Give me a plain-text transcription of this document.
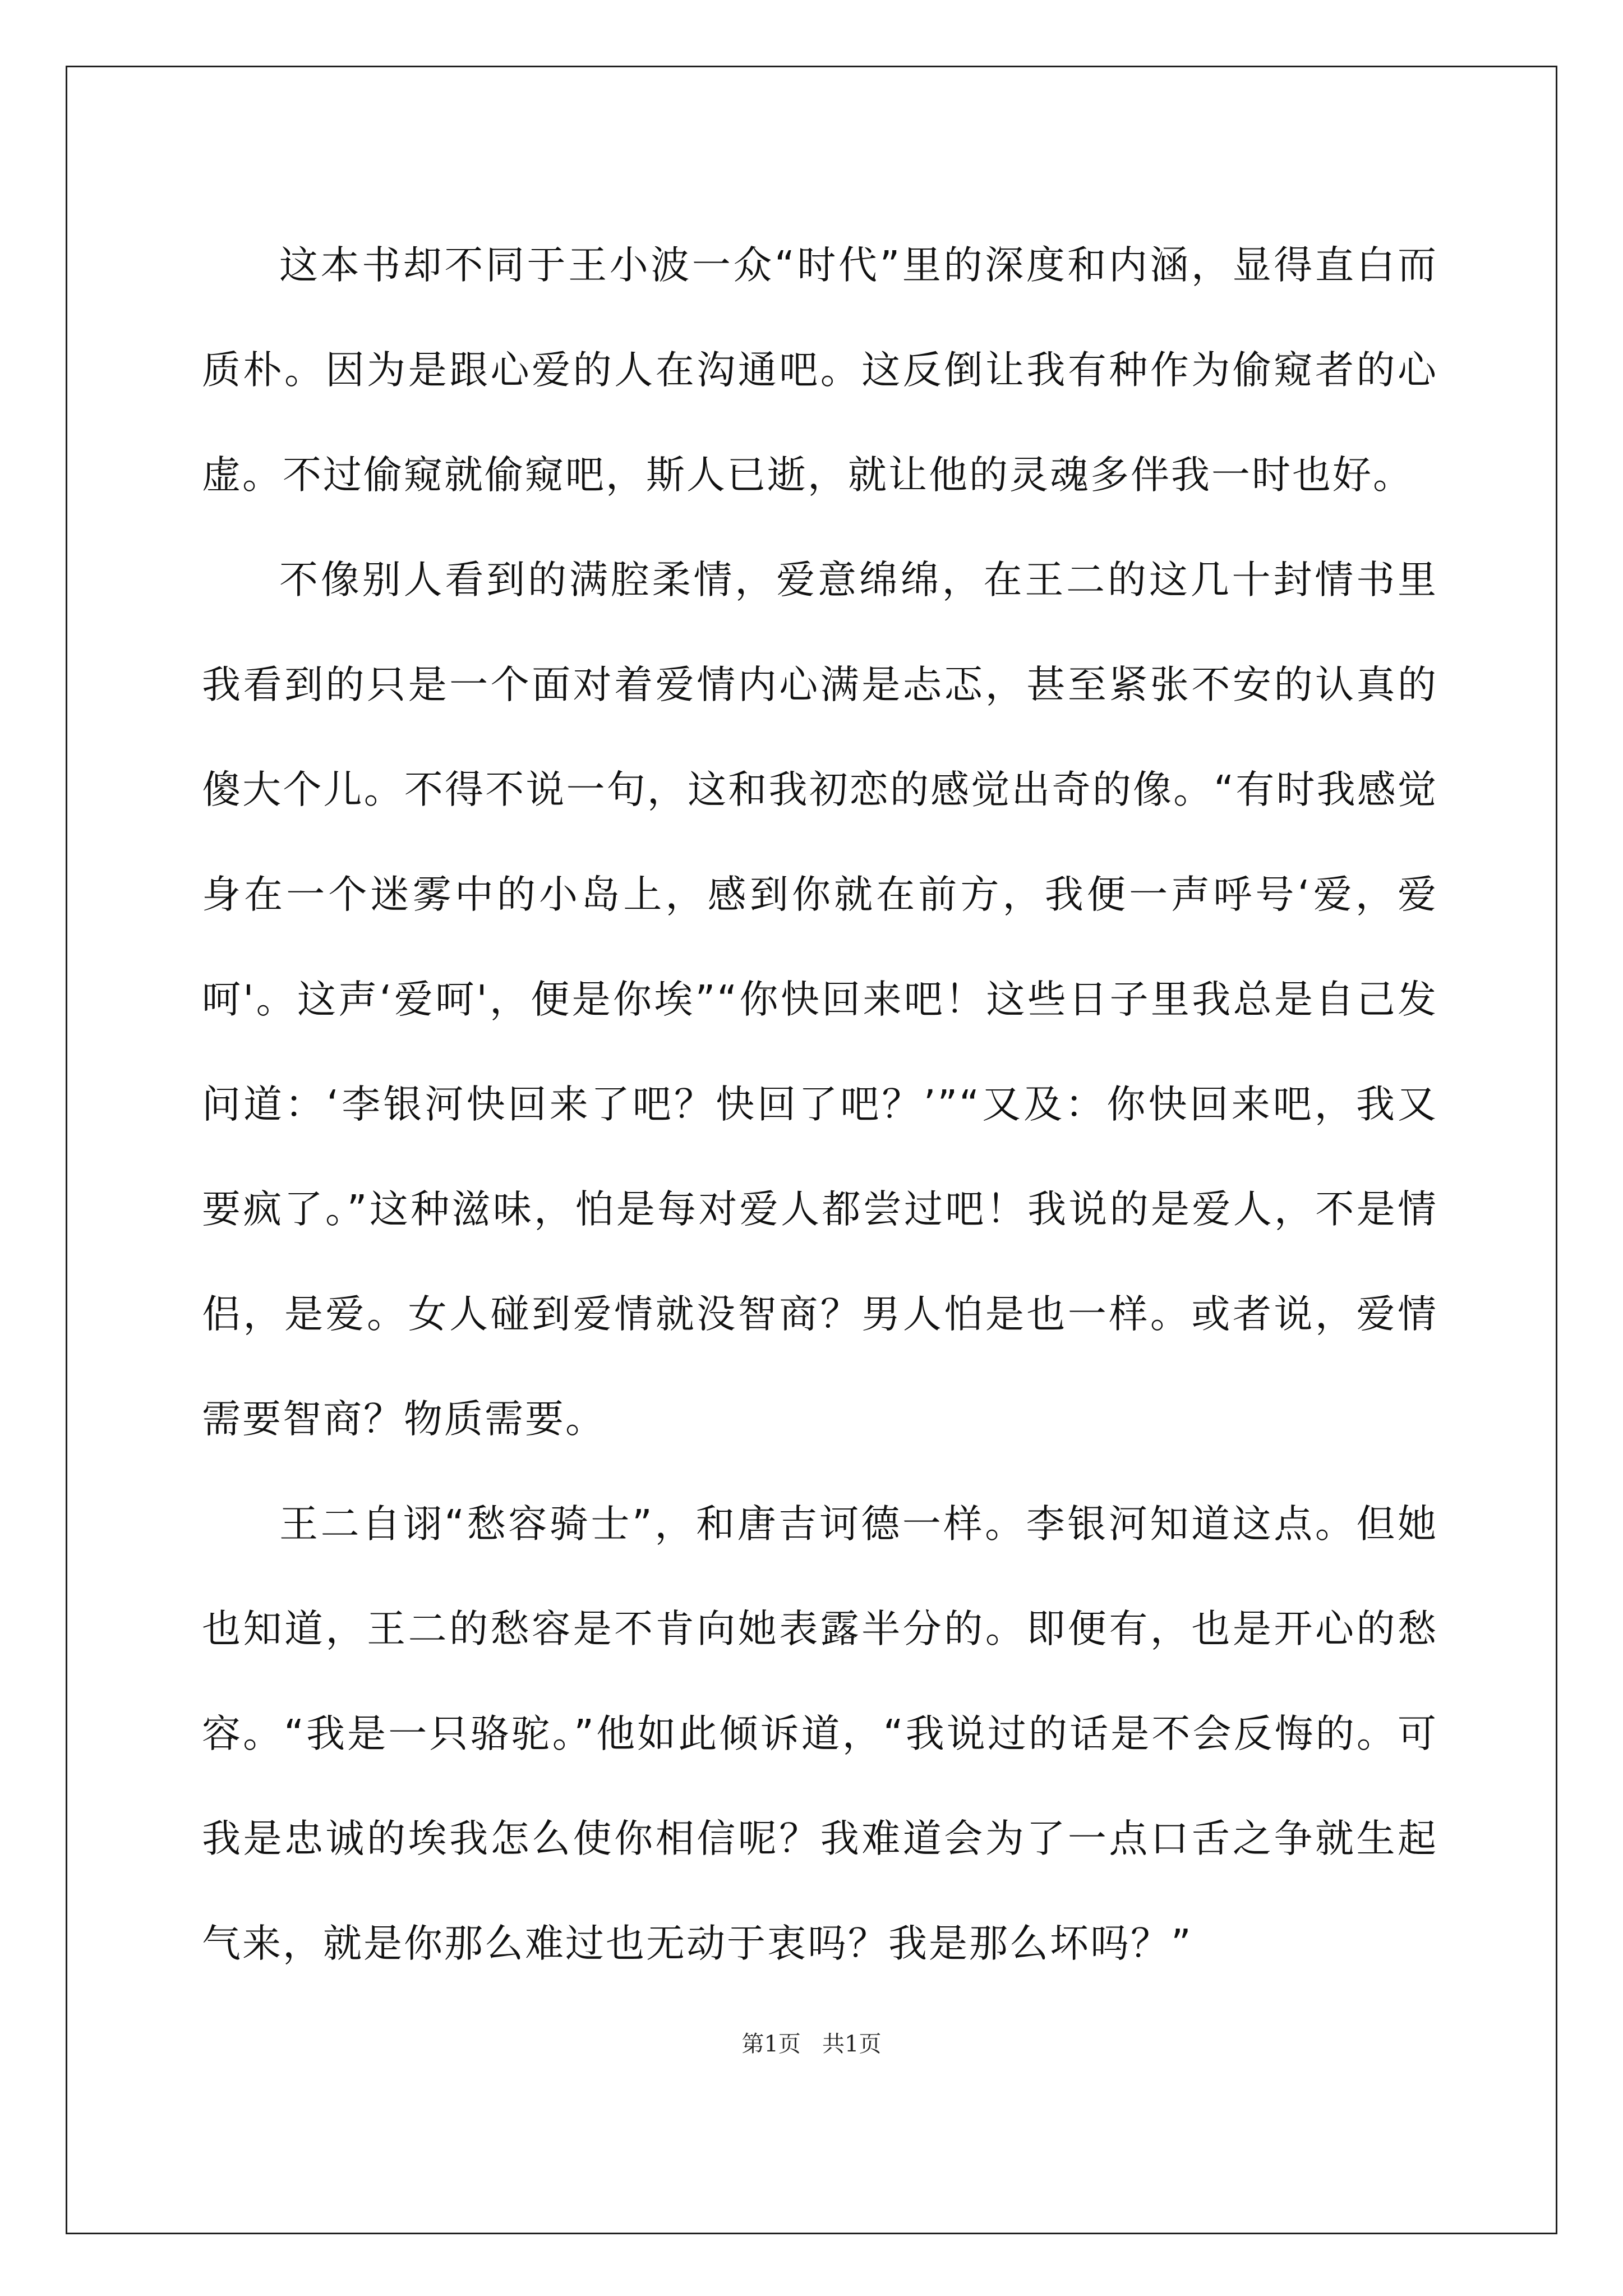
这本书却不同于王小波一众“时代”里的深度和内涵，显得直白而质朴。因为是跟心爱的人在沟通吧。这反倒让我有种作为偷窥者的心虚。不过偷窥就偷窥吧，斯人已逝，就让他的灵魂多伴我一时也好。

不像别人看到的满腔柔情，爱意绵绵，在王二的这几十封情书里我看到的只是一个面对着爱情内心满是忐忑，甚至紧张不安的认真的傻大个儿。不得不说一句，这和我初恋的感觉出奇的像。“有时我感觉身在一个迷雾中的小岛上，感到你就在前方，我便一声呼号‘爱，爱呵'。这声‘爱呵'，便是你埃”“你快回来吧！这些日子里我总是自己发问道：‘李银河快回来了吧？快回了吧？’”“又及：你快回来吧，我又要疯了。”这种滋味，怕是每对爱人都尝过吧！我说的是爱人，不是情侣，是爱。女人碰到爱情就没智商？男人怕是也一样。或者说，爱情需要智商？物质需要。

王二自诩“愁容骑士”，和唐吉诃德一样。李银河知道这点。但她也知道，王二的愁容是不肯向她表露半分的。即便有，也是开心的愁容。“我是一只骆驼。”他如此倾诉道，“我说过的话是不会反悔的。可我是忠诚的埃我怎么使你相信呢？我难道会为了一点口舌之争就生起气来，就是你那么难过也无动于衷吗？我是那么坏吗？”

第1页   共1页
